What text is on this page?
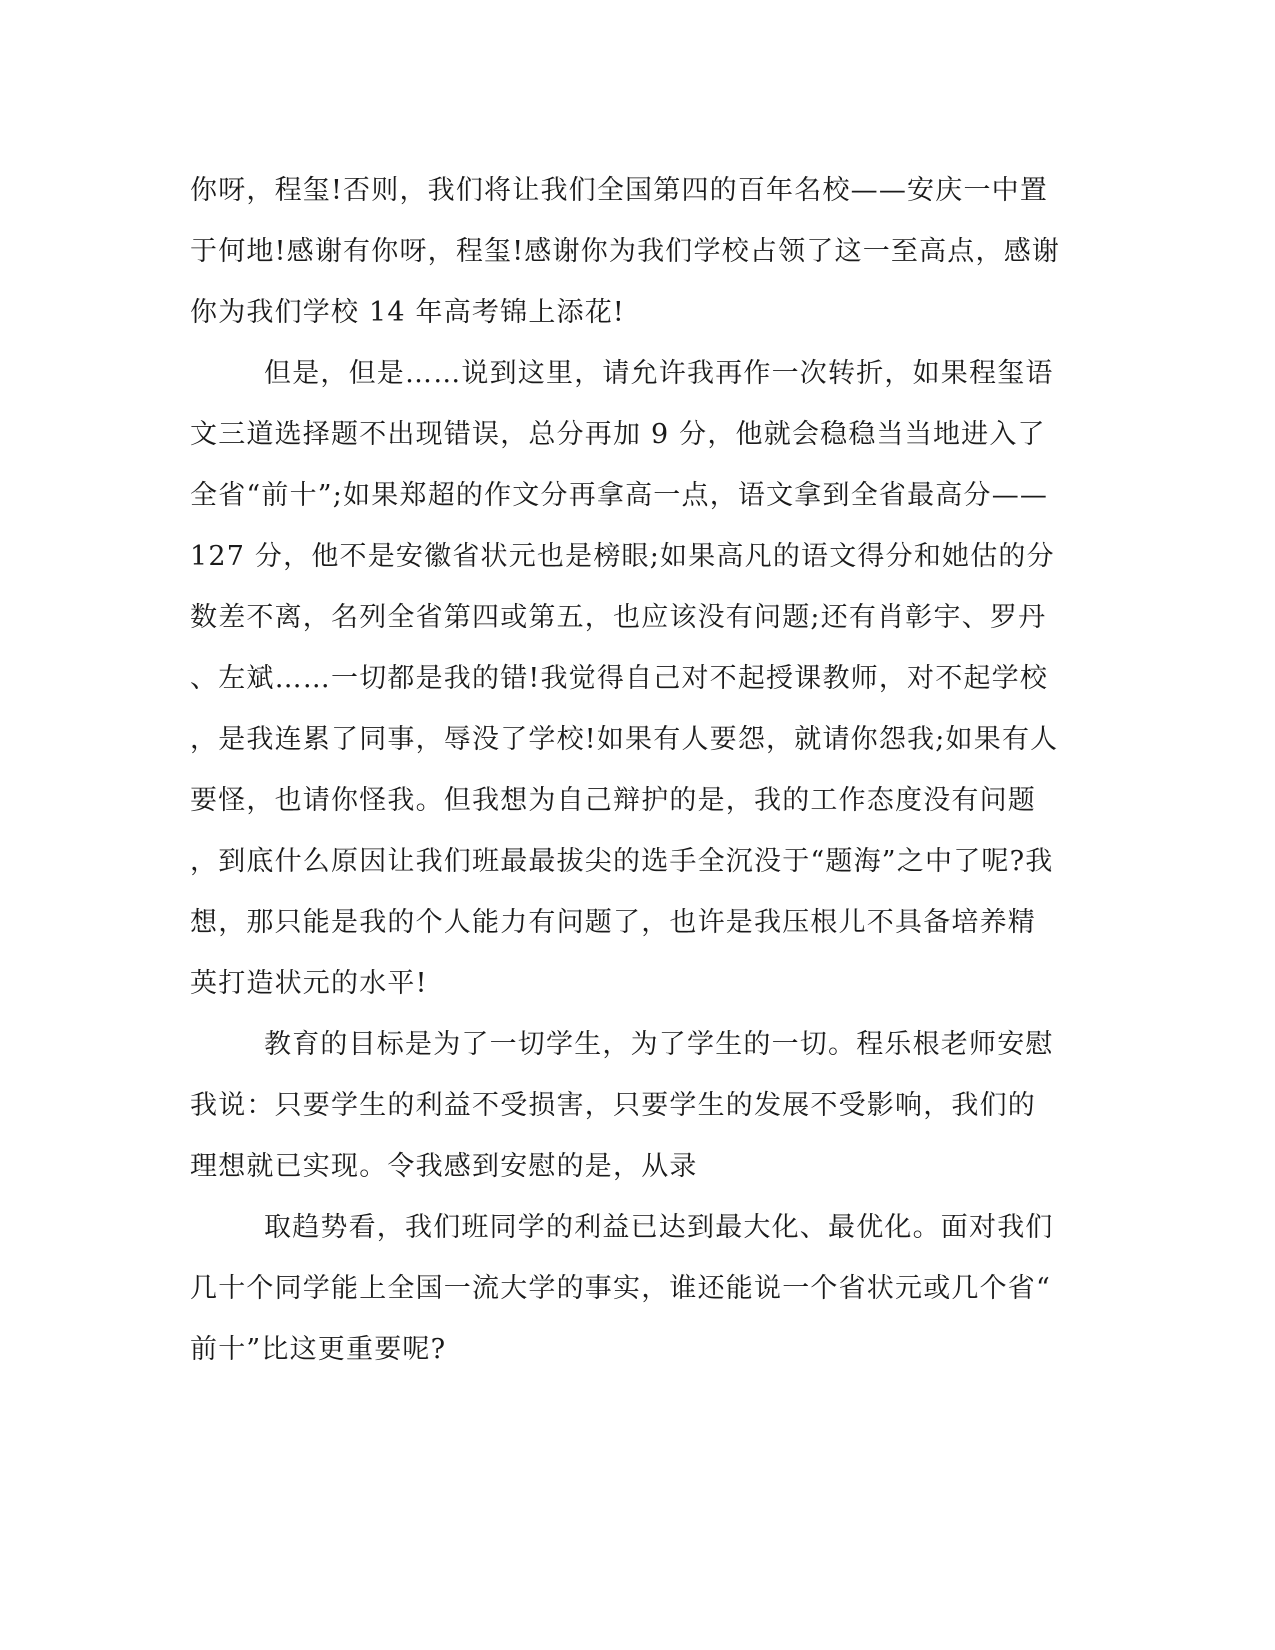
你呀，程玺!否则，我们将让我们全国第四的百年名校——安庆一中置
于何地!感谢有你呀，程玺!感谢你为我们学校占领了这一至高点，感谢
你为我们学校 14 年高考锦上添花!
但是，但是……说到这里，请允许我再作一次转折，如果程玺语
文三道选择题不出现错误，总分再加 9 分，他就会稳稳当当地进入了
全省“前十”;如果郑超的作文分再拿高一点，语文拿到全省最高分——
127 分，他不是安徽省状元也是榜眼;如果高凡的语文得分和她估的分
数差不离，名列全省第四或第五，也应该没有问题;还有肖彰宇、罗丹
、左斌……一切都是我的错!我觉得自己对不起授课教师，对不起学校
，是我连累了同事，辱没了学校!如果有人要怨，就请你怨我;如果有人
要怪，也请你怪我。但我想为自己辩护的是，我的工作态度没有问题
，到底什么原因让我们班最最拔尖的选手全沉没于“题海”之中了呢?我
想，那只能是我的个人能力有问题了，也许是我压根儿不具备培养精
英打造状元的水平!
教育的目标是为了一切学生，为了学生的一切。程乐根老师安慰
我说：只要学生的利益不受损害，只要学生的发展不受影响，我们的
理想就已实现。令我感到安慰的是，从录
取趋势看，我们班同学的利益已达到最大化、最优化。面对我们
几十个同学能上全国一流大学的事实，谁还能说一个省状元或几个省“
前十”比这更重要呢?
